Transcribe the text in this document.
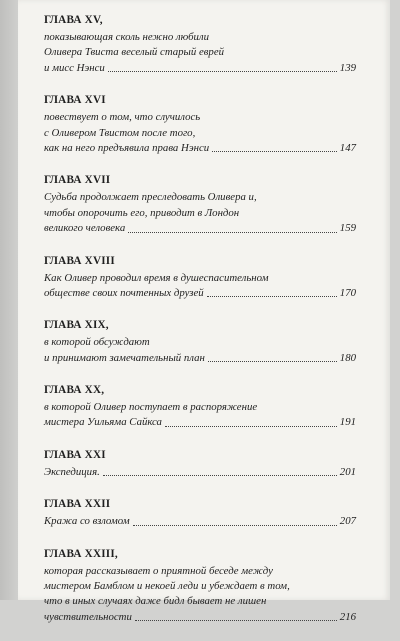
ГЛАВА XV,
показывающая сколь нежно любили
Оливера Твиста веселый старый еврей
и мисс Нэнси	139
ГЛАВА XVI
повествует о том, что случилось
с Оливером Твистом после того,
как на него предъявила права Нэнси	147
ГЛАВА XVII
Судьба продолжает преследовать Оливера и,
чтобы опорочить его, приводит в Лондон
великого человека	159
ГЛАВА XVIII
Как Оливер проводил время в душеспасительном
обществе своих почтенных друзей	170
ГЛАВА XIX,
в которой обсуждают
и принимают замечательный план	180
ГЛАВА XX,
в которой Оливер поступает в распоряжение
мистера Уильяма Сайкса	191
ГЛАВА XXI
Экспедиция.	201
ГЛАВА XXII
Кража со взломом	207
ГЛАВА XXIII,
которая рассказывает о приятной беседе между
мистером Бамблом и некоей леди и убеждает в том,
что в иных случаях даже бидл бывает не лишен
чувствительности	216
